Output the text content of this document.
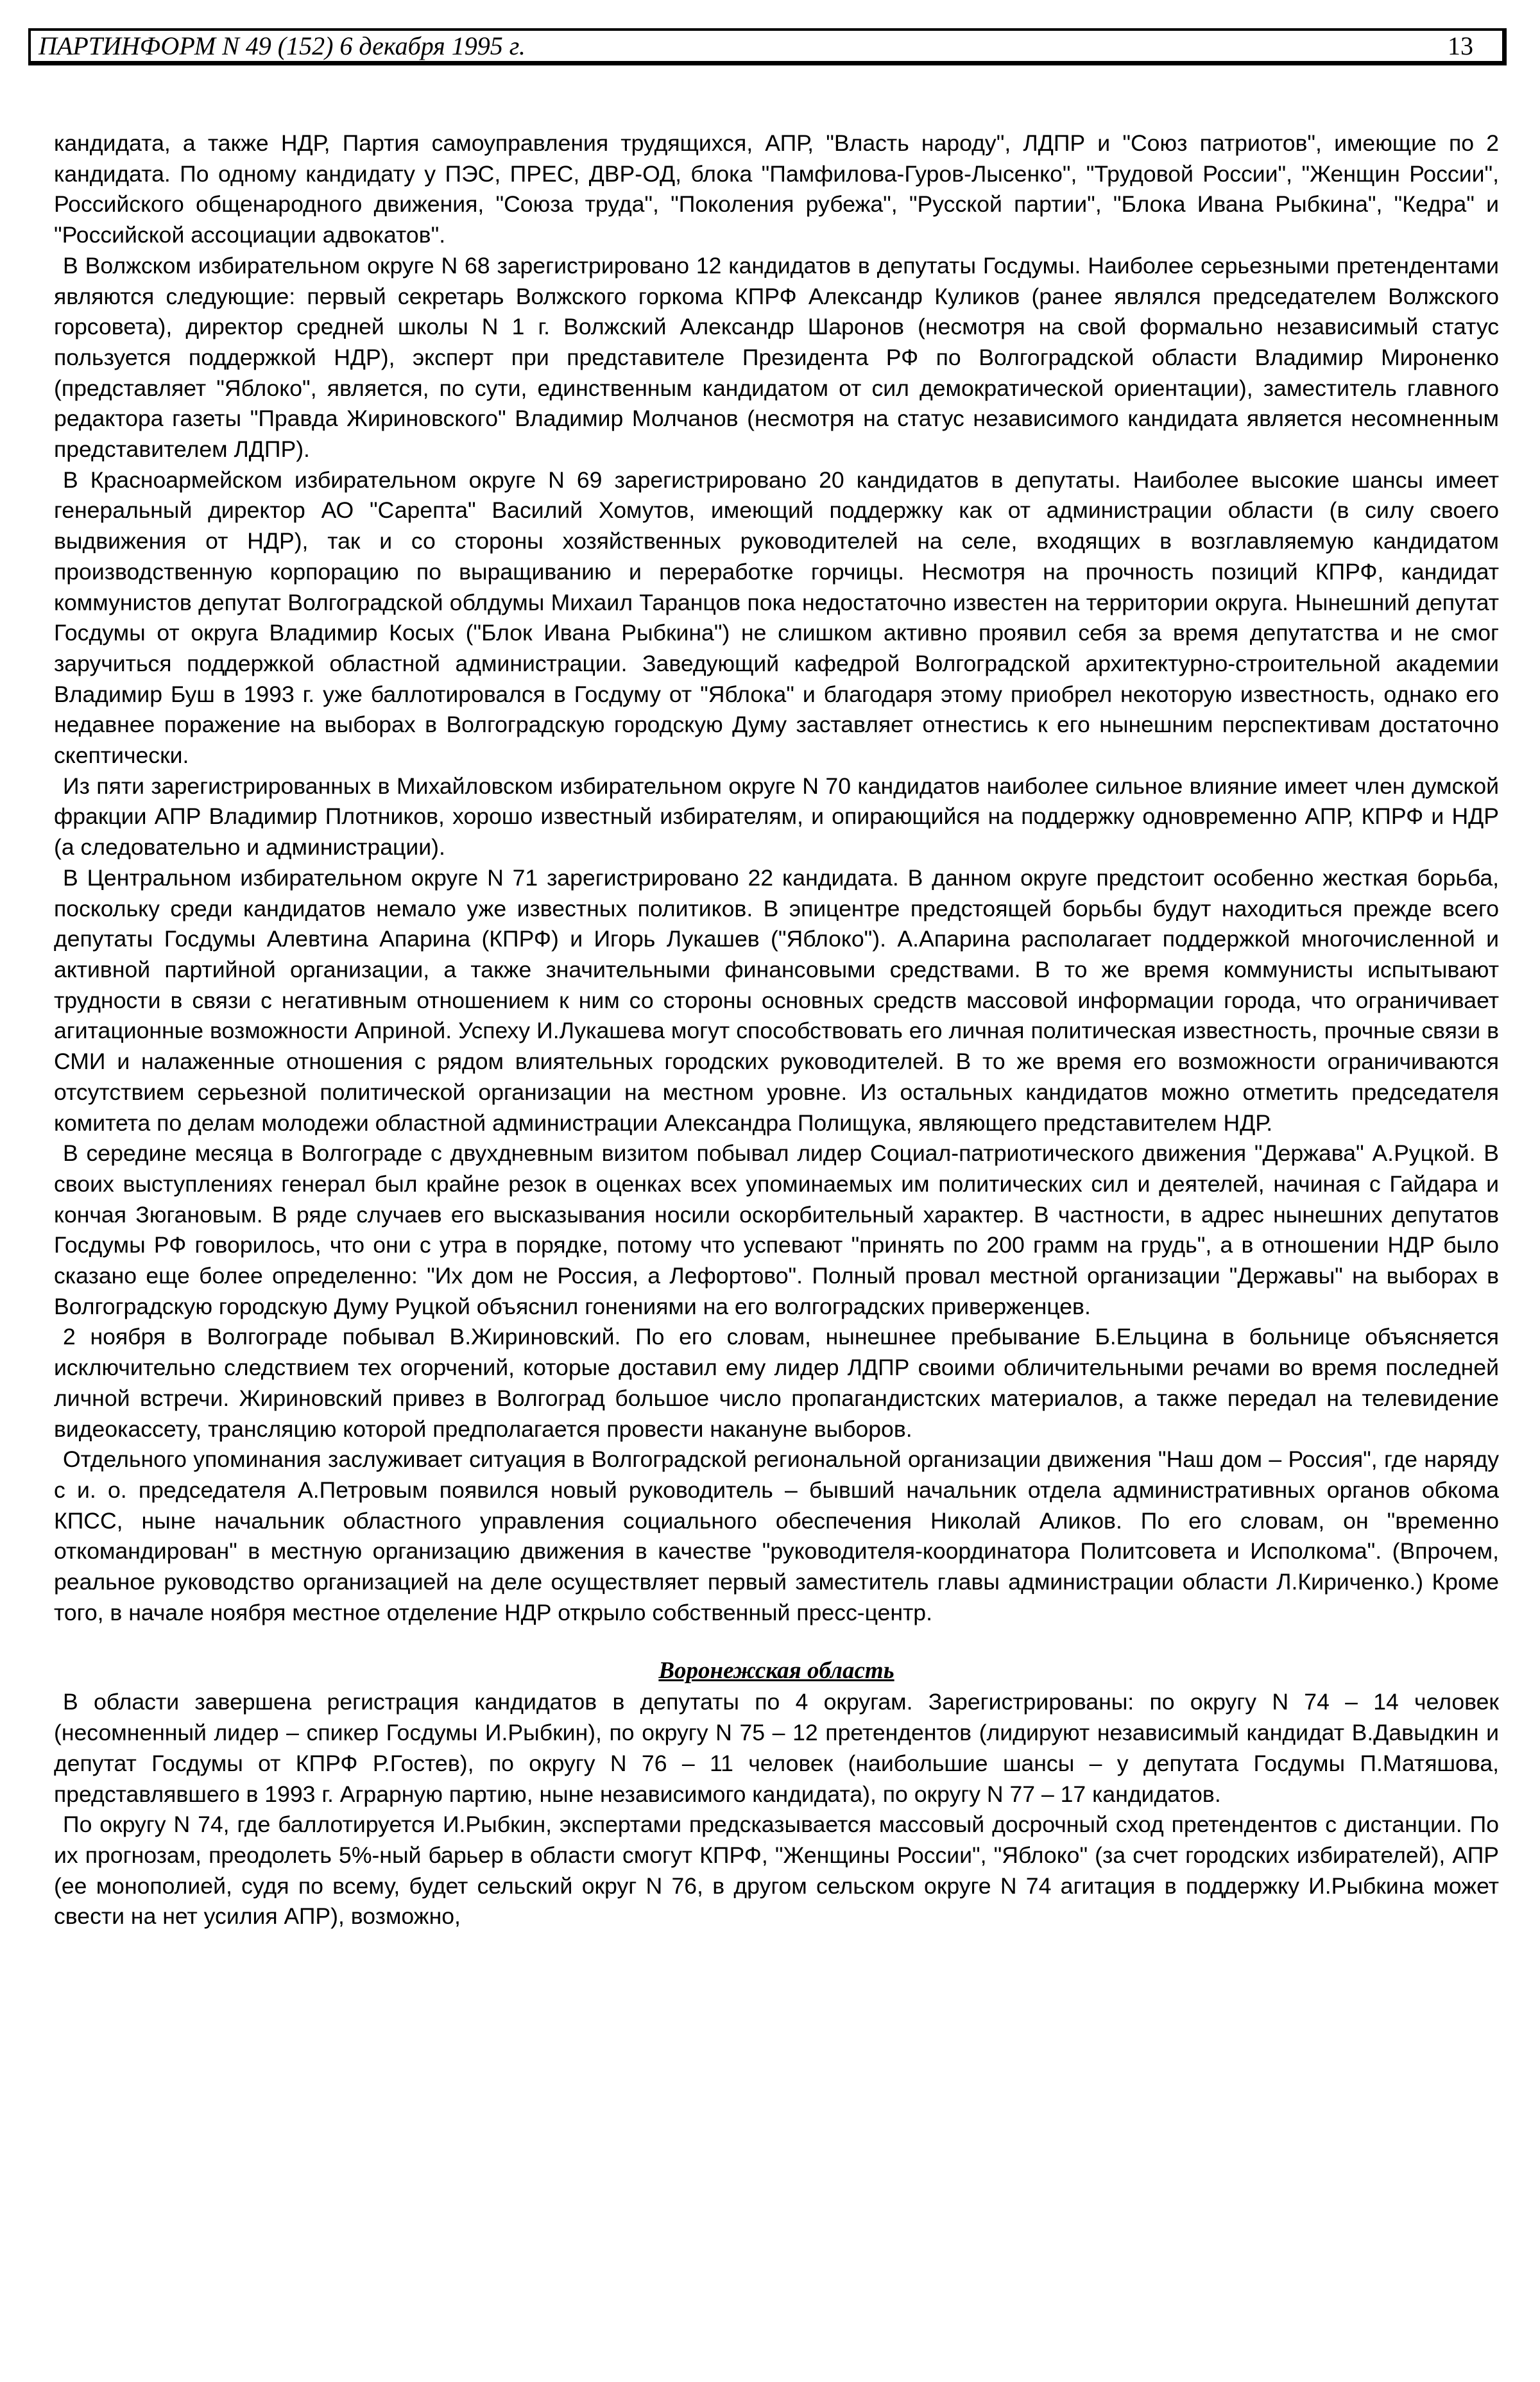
ПАРТИНФОРМ N 49 (152) 6 декабря 1995 г.	13

кандидата, а также НДР, Партия самоуправления трудящихся, АПР, "Власть народу", ЛДПР и "Союз патриотов", имеющие по 2 кандидата. По одному кандидату у ПЭС, ПРЕС, ДВР-ОД, блока "Памфилова-Гуров-Лысенко", "Трудовой России", "Женщин России", Российского общенародного движения, "Союза труда", "Поколения рубежа", "Русской партии", "Блока Ивана Рыбкина", "Кедра" и "Российской ассоциации адвокатов".

В Волжском избирательном округе N 68 зарегистрировано 12 кандидатов в депутаты Госдумы. Наиболее серьезными претендентами являются следующие: первый секретарь Волжского горкома КПРФ Александр Куликов (ранее являлся председателем Волжского горсовета), директор средней школы N 1 г. Волжский Александр Шаронов (несмотря на свой формально независимый статус пользуется поддержкой НДР), эксперт при представителе Президента РФ по Волгоградской области Владимир Мироненко (представляет "Яблоко", является, по сути, единственным кандидатом от сил демократической ориентации), заместитель главного редактора газеты "Правда Жириновского" Владимир Молчанов (несмотря на статус независимого кандидата является несомненным представителем ЛДПР).

В Красноармейском избирательном округе N 69 зарегистрировано 20 кандидатов в депутаты. Наиболее высокие шансы имеет генеральный директор АО "Сарепта" Василий Хомутов, имеющий поддержку как от администрации области (в силу своего выдвижения от НДР), так и со стороны хозяйственных руководителей на селе, входящих в возглавляемую кандидатом производственную корпорацию по выращиванию и переработке горчицы. Несмотря на прочность позиций КПРФ, кандидат коммунистов депутат Волгоградской облдумы Михаил Таранцов пока недостаточно известен на территории округа. Нынешний депутат Госдумы от округа Владимир Косых ("Блок Ивана Рыбкина") не слишком активно проявил себя за время депутатства и не смог заручиться поддержкой областной администрации. Заведующий кафедрой Волгоградской архитектурно-строительной академии Владимир Буш в 1993 г. уже баллотировался в Госдуму от "Яблока" и благодаря этому приобрел некоторую известность, однако его недавнее поражение на выборах в Волгоградскую городскую Думу заставляет отнестись к его нынешним перспективам достаточно скептически.

Из пяти зарегистрированных в Михайловском избирательном округе N 70 кандидатов наиболее сильное влияние имеет член думской фракции АПР Владимир Плотников, хорошо известный избирателям, и опирающийся на поддержку одновременно АПР, КПРФ и НДР (а следовательно и администрации).

В Центральном избирательном округе N 71 зарегистрировано 22 кандидата. В данном округе предстоит особенно жесткая борьба, поскольку среди кандидатов немало уже известных политиков. В эпицентре предстоящей борьбы будут находиться прежде всего депутаты Госдумы Алевтина Апарина (КПРФ) и Игорь Лукашев ("Яблоко"). А.Апарина располагает поддержкой многочисленной и активной партийной организации, а также значительными финансовыми средствами. В то же время коммунисты испытывают трудности в связи с негативным отношением к ним со стороны основных средств массовой информации города, что ограничивает агитационные возможности Априной. Успеху И.Лукашева могут способствовать его личная политическая известность, прочные связи в СМИ и налаженные отношения с рядом влиятельных городских руководителей. В то же время его возможности ограничиваются отсутствием серьезной политической организации на местном уровне. Из остальных кандидатов можно отметить председателя комитета по делам молодежи областной администрации Александра Полищука, являющего представителем НДР.

В середине месяца в Волгограде с двухдневным визитом побывал лидер Социал-патриотического движения "Держава" А.Руцкой. В своих выступлениях генерал был крайне резок в оценках всех упоминаемых им политических сил и деятелей, начиная с Гайдара и кончая Зюгановым. В ряде случаев его высказывания носили оскорбительный характер. В частности, в адрес нынешних депутатов Госдумы РФ говорилось, что они с утра в порядке, потому что успевают "принять по 200 грамм на грудь", а в отношении НДР было сказано еще более определенно: "Их дом не Россия, а Лефортово". Полный провал местной организации "Державы" на выборах в Волгоградскую городскую Думу Руцкой объяснил гонениями на его волгоградских приверженцев.

2 ноября в Волгограде побывал В.Жириновский. По его словам, нынешнее пребывание Б.Ельцина в больнице объясняется исключительно следствием тех огорчений, которые доставил ему лидер ЛДПР своими обличительными речами во время последней личной встречи. Жириновский привез в Волгоград большое число пропагандистских материалов, а также передал на телевидение видеокассету, трансляцию которой предполагается провести накануне выборов.

Отдельного упоминания заслуживает ситуация в Волгоградской региональной организации движения "Наш дом – Россия", где наряду с и. о. председателя А.Петровым появился новый руководитель – бывший начальник отдела административных органов обкома КПСС, ныне начальник областного управления социального обеспечения Николай Аликов. По его словам, он "временно откомандирован" в местную организацию движения в качестве "руководителя-координатора Политсовета и Исполкома". (Впрочем, реальное руководство организацией на деле осуществляет первый заместитель главы администрации области Л.Кириченко.) Кроме того, в начале ноября местное отделение НДР открыло собственный пресс-центр.

Воронежская область

В области завершена регистрация кандидатов в депутаты по 4 округам. Зарегистрированы: по округу N 74 – 14 человек (несомненный лидер – спикер Госдумы И.Рыбкин), по округу N 75 – 12 претендентов (лидируют независимый кандидат В.Давыдкин и депутат Госдумы от КПРФ Р.Гостев), по округу N 76 – 11 человек (наибольшие шансы – у депутата Госдумы П.Матяшова, представлявшего в 1993 г. Аграрную партию, ныне независимого кандидата), по округу N 77 – 17 кандидатов.

По округу N 74, где баллотируется И.Рыбкин, экспертами предсказывается массовый досрочный сход претендентов с дистанции. По их прогнозам, преодолеть 5%-ный барьер в области смогут КПРФ, "Женщины России", "Яблоко" (за счет городских избирателей), АПР (ее монополией, судя по всему, будет сельский округ N 76, в другом сельском округе N 74 агитация в поддержку И.Рыбкина может свести на нет усилия АПР), возможно,
